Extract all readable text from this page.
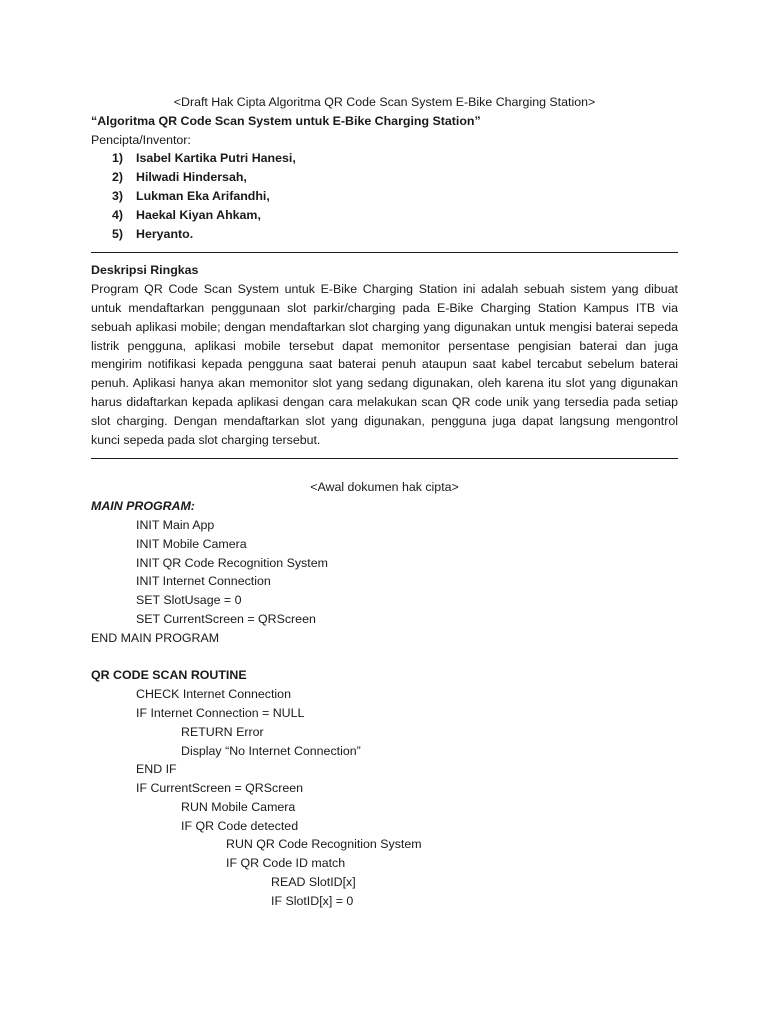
<Draft Hak Cipta Algoritma QR Code Scan System E-Bike Charging Station>
“Algoritma QR Code Scan System untuk E-Bike Charging Station”
Pencipta/Inventor:
1)	Isabel Kartika Putri Hanesi,
2)	Hilwadi Hindersah,
3)	Lukman Eka Arifandhi,
4)	Haekal Kiyan Ahkam,
5)	Heryanto.
Deskripsi Ringkas
Program QR Code Scan System untuk E-Bike Charging Station ini adalah sebuah sistem yang dibuat untuk mendaftarkan penggunaan slot parkir/charging pada E-Bike Charging Station Kampus ITB via sebuah aplikasi mobile; dengan mendaftarkan slot charging yang digunakan untuk mengisi baterai sepeda listrik pengguna, aplikasi mobile tersebut dapat memonitor persentase pengisian baterai dan juga mengirim notifikasi kepada pengguna saat baterai penuh ataupun saat kabel tercabut sebelum baterai penuh. Aplikasi hanya akan memonitor slot yang sedang digunakan, oleh karena itu slot yang digunakan harus didaftarkan kepada aplikasi dengan cara melakukan scan QR code unik yang tersedia pada setiap slot charging. Dengan mendaftarkan slot yang digunakan, pengguna juga dapat langsung mengontrol kunci sepeda pada slot charging tersebut.
<Awal dokumen hak cipta>
MAIN PROGRAM:
INIT Main App
INIT Mobile Camera
INIT QR Code Recognition System
INIT Internet Connection
SET SlotUsage = 0
SET CurrentScreen = QRScreen
END MAIN PROGRAM
QR CODE SCAN ROUTINE
CHECK Internet Connection
IF Internet Connection = NULL
RETURN Error
Display “No Internet Connection”
END IF
IF CurrentScreen = QRScreen
RUN Mobile Camera
IF QR Code detected
RUN QR Code Recognition System
IF QR Code ID match
READ SlotID[x]
IF SlotID[x] = 0
